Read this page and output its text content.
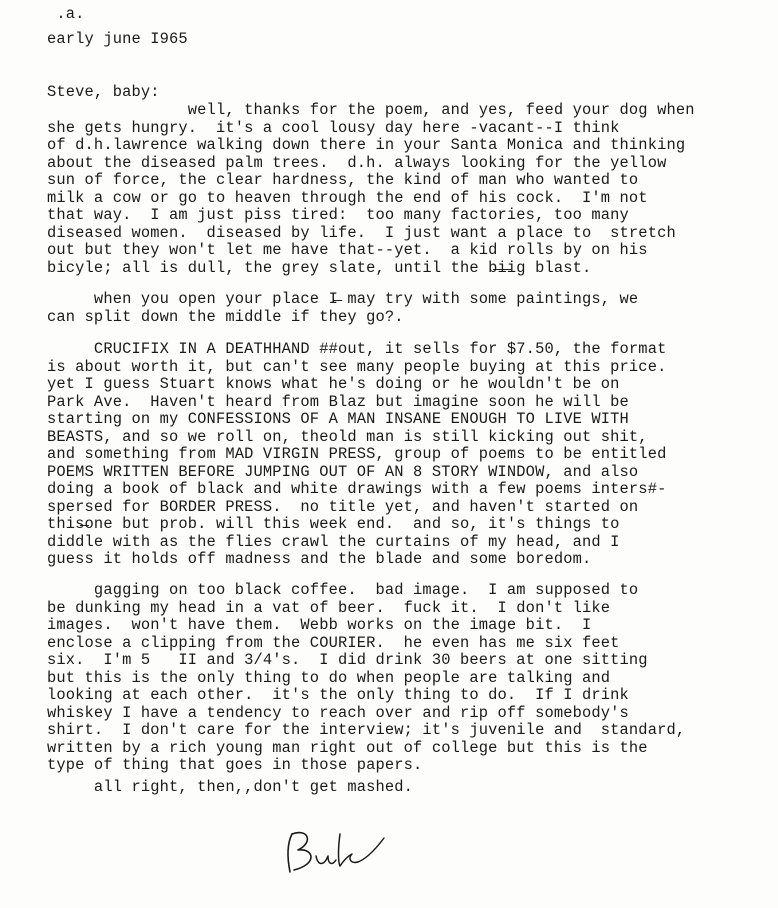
.a.
early june I965
Steve, baby:
well, thanks for the poem, and yes, feed your dog when
she gets hungry.  it's a cool lousy day here -vacant--I think
of d.h.lawrence walking down there in your Santa Monica and thinking
about the diseased palm trees.  d.h. always looking for the yellow
sun of force, the clear hardness, the kind of man who wanted to
milk a cow or go to heaven through the end of his cock.  I'm not
that way.  I am just piss tired:  too many factories, too many
diseased women.  diseased by life.  I just want a place to  stretch
out but they won't let me have that--yet.  a kid rolls by on his
bicyle; all is dull, the grey slate, until the b̶i̶ig blast.
when you open your place I̶ may try with some paintings, we
can split down the middle if they go?.
CRUCIFIX IN A DEATHHAND ##out, it sells for $7.50, the format
is about worth it, but can't see many people buying at this price.
yet I guess Stuart knows what he's doing or he wouldn't be on
Park Ave.  Haven't heard from Blaz but imagine soon he will be
starting on my CONFESSIONS OF A MAN INSANE ENOUGH TO LIVE WITH
BEASTS, and so we roll on, theold man is still kicking out shit,
and something from MAD VIRGIN PRESS, group of poems to be entitled
POEMS WRITTEN BEFORE JUMPING OUT OF AN 8 STORY WINDOW, and also
doing a book of black and white drawings with a few poems inters#-
spersed for BORDER PRESS.  no title yet, and haven't started on
this̶one but prob. will this week end.  and so, it's things to
diddle with as the flies crawl the curtains of my head, and I
guess it holds off madness and the blade and some boredom.
gagging on too black coffee.  bad image.  I am supposed to
be dunking my head in a vat of beer.  fuck it.  I don't like
images.  won't have them.  Webb works on the image bit.  I
enclose a clipping from the COURIER.  he even has me six feet
six.  I'm 5   II and 3/4's.  I did drink 30 beers at one sitting
but this is the only thing to do when people are talking and
looking at each other.  it's the only thing to do.  If I drink
whiskey I have a tendency to reach over and rip off somebody's
shirt.  I don't care for the interview; it's juvenile and  standard,
written by a rich young man right out of college but this is the
type of thing that goes in those papers.
all right, then,,don't get mashed.
